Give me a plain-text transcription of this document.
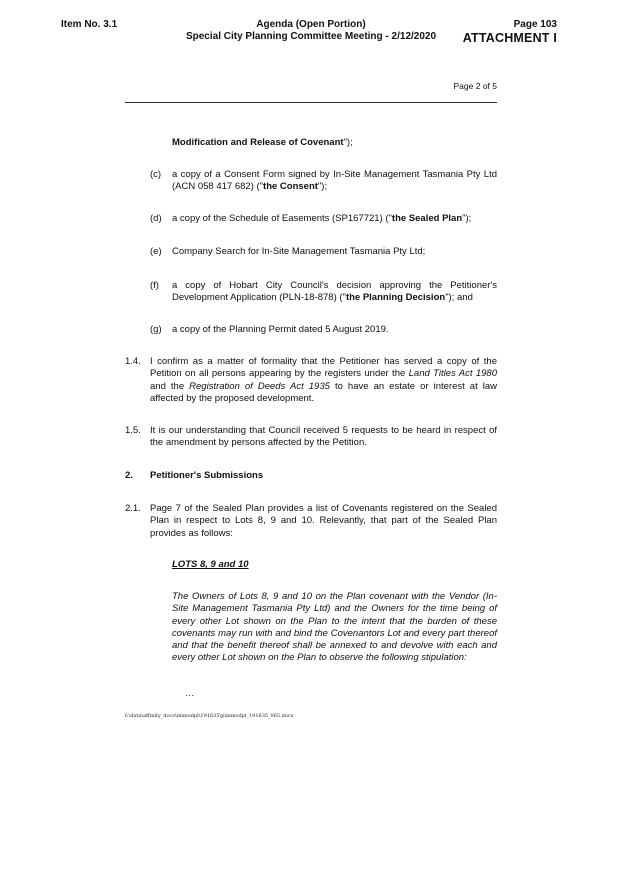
Item No. 3.1	Agenda (Open Portion)
Special City Planning Committee Meeting - 2/12/2020
Page 103
ATTACHMENT I
Page 2 of 5
Modification and Release of Covenant");
(c) a copy of a Consent Form signed by In-Site Management Tasmania Pty Ltd (ACN 058 417 682) ("the Consent");
(d) a copy of the Schedule of Easements (SP167721) ("the Sealed Plan");
(e) Company Search for In-Site Management Tasmania Pty Ltd;
(f) a copy of Hobart City Council's decision approving the Petitioner's Development Application (PLN-18-878) ("the Planning Decision"); and
(g) a copy of the Planning Permit dated 5 August 2019.
1.4. I confirm as a matter of formality that the Petitioner has served a copy of the Petition on all persons appearing by the registers under the Land Titles Act 1980 and the Registration of Deeds Act 1935 to have an estate or interest at law affected by the proposed development.
1.5. It is our understanding that Council received 5 requests to be heard in respect of the amendment by persons affected by the Petition.
2. Petitioner's Submissions
2.1. Page 7 of the Sealed Plan provides a list of Covenants registered on the Sealed Plan in respect to Lots 8, 9 and 10. Relevantly, that part of the Sealed Plan provides as follows:
LOTS 8, 9 and 10
The Owners of Lots 8, 9 and 10 on the Plan covenant with the Vendor (In-Site Management Tasmania Pty Ltd) and the Owners for the time being of every other Lot shown on the Plan to the intent that the burden of these covenants may run with and bind the Covenantors Lot and every part thereof and that the benefit thereof shall be annexed to and devolve with each and every other Lot shown on the Plan to observe the following stipulation:
…
f:\data\affinity_docs\immodpl\191635\pimmodpl_191635_065.docx
